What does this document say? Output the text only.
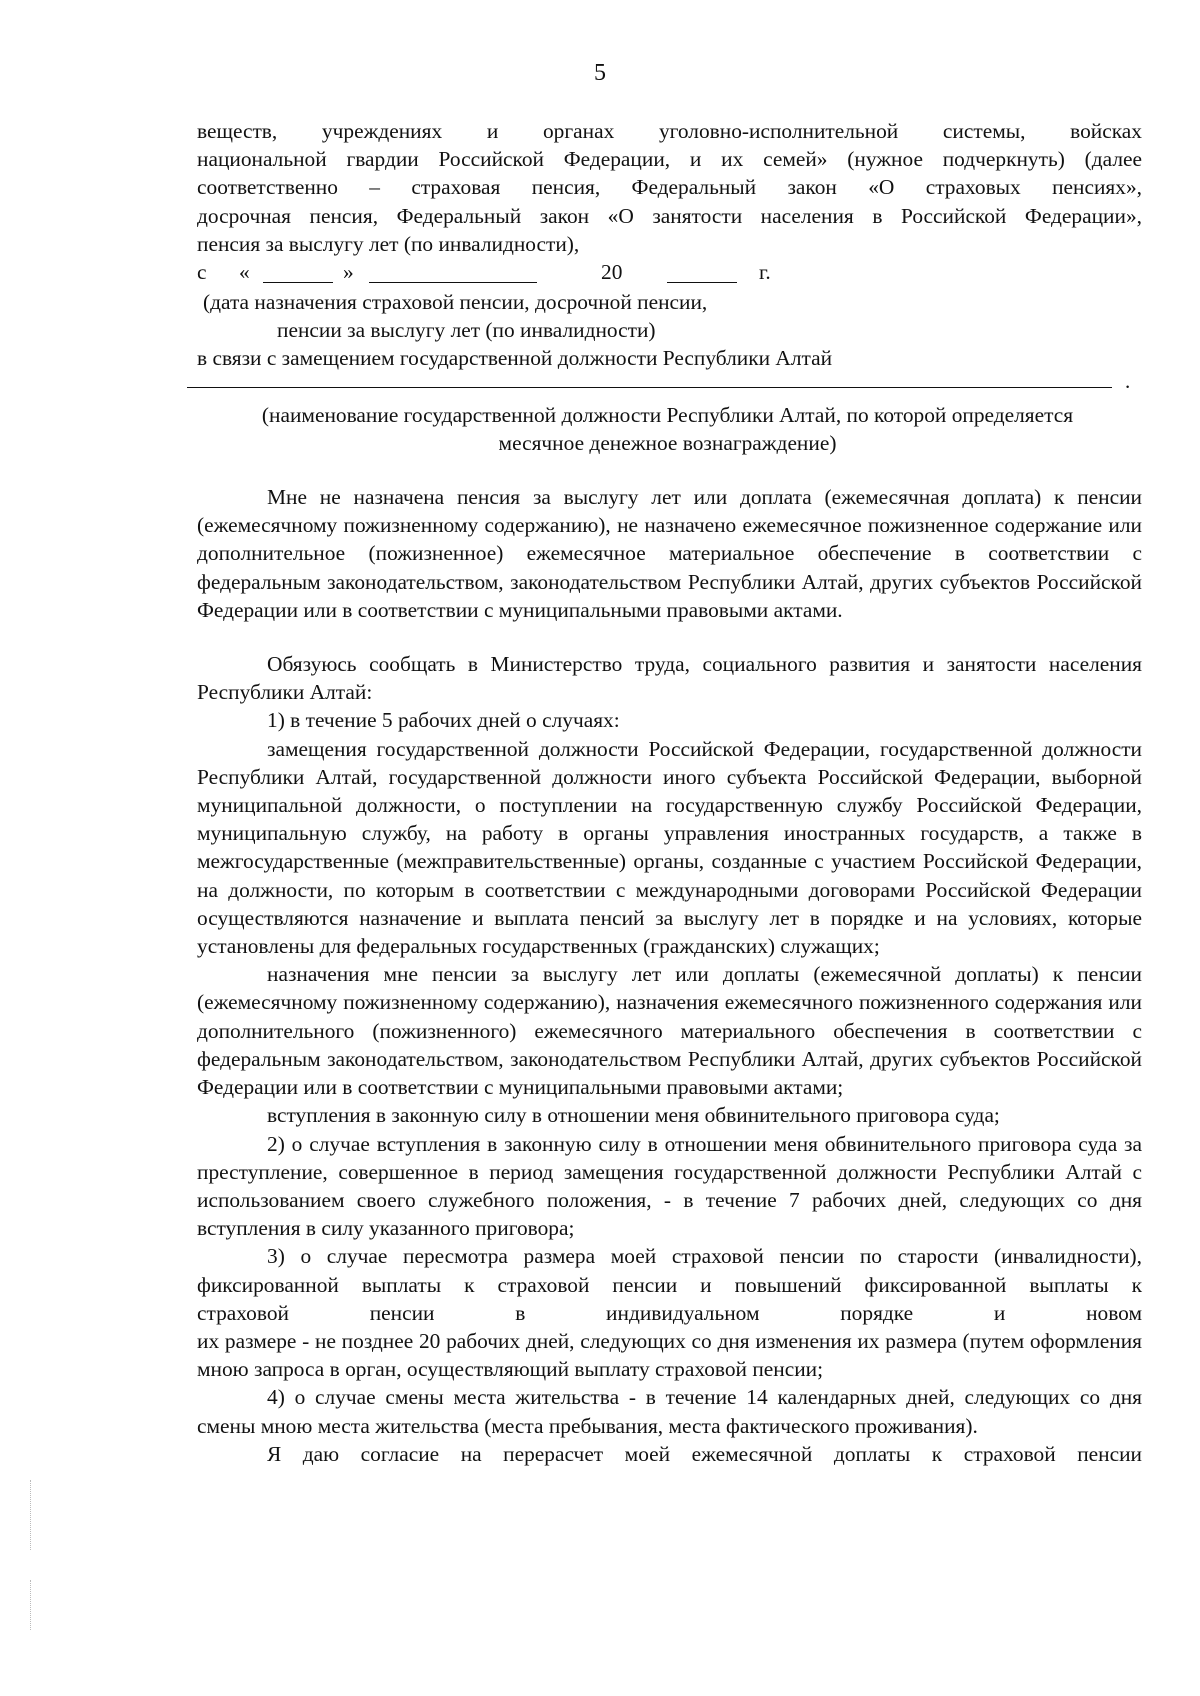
5

веществ, учреждениях и органах уголовно-исполнительной системы, войсках

национальной гвардии Российской Федерации, и их семей» (нужное подчеркнуть) (далее

соответственно – страховая пенсия, Федеральный закон «О страховых пенсиях»,

досрочная пенсия, Федеральный закон «О занятости населения в Российской Федерации»,

пенсия за выслугу лет (по инвалидности),

с «	»	20	г.

(дата назначения страховой пенсии, досрочной пенсии,

пенсии за выслугу лет (по инвалидности)

в связи с замещением государственной должности Республики Алтай

.

(наименование государственной должности Республики Алтай, по которой определяется

месячное денежное вознаграждение)

Мне не назначена пенсия за выслугу лет или доплата (ежемесячная доплата) к пенсии (ежемесячному пожизненному содержанию), не назначено ежемесячное пожизненное содержание или дополнительное (пожизненное) ежемесячное материальное обеспечение в соответствии с федеральным законодательством, законодательством Республики Алтай, других субъектов Российской Федерации или в соответствии с муниципальными правовыми актами.

Обязуюсь сообщать в Министерство труда, социального развития и занятости населения Республики Алтай:

1) в течение 5 рабочих дней о случаях:

замещения государственной должности Российской Федерации, государственной должности Республики Алтай, государственной должности иного субъекта Российской Федерации, выборной муниципальной должности, о поступлении на государственную службу Российской Федерации, муниципальную службу, на работу в органы управления иностранных государств, а также в межгосударственные (межправительственные) органы, созданные с участием Российской Федерации, на должности, по которым в соответствии с международными договорами Российской Федерации осуществляются назначение и выплата пенсий за выслугу лет в порядке и на условиях, которые установлены для федеральных государственных (гражданских) служащих;

назначения мне пенсии за выслугу лет или доплаты (ежемесячной доплаты) к пенсии (ежемесячному пожизненному содержанию), назначения ежемесячного пожизненного содержания или дополнительного (пожизненного) ежемесячного материального обеспечения в соответствии с федеральным законодательством, законодательством Республики Алтай, других субъектов Российской Федерации или в соответствии с муниципальными правовыми актами;

вступления в законную силу в отношении меня обвинительного приговора суда;

2) о случае вступления в законную силу в отношении меня обвинительного приговора суда за преступление, совершенное в период замещения государственной должности Республики Алтай с использованием своего служебного положения, - в течение 7 рабочих дней, следующих со дня вступления в силу указанного приговора;

3) о случае пересмотра размера моей страховой пенсии по старости (инвалидности),

фиксированной выплаты к страховой пенсии и повышений фиксированной выплаты к

страховой пенсии в индивидуальном порядке и новом

их размере - не позднее 20 рабочих дней, следующих со дня изменения их размера (путем оформления мною запроса в орган, осуществляющий выплату страховой пенсии;

4) о случае смены места жительства - в течение 14 календарных дней, следующих со дня смены мною места жительства (места пребывания, места фактического проживания).

Я даю согласие на перерасчет моей ежемесячной доплаты к страховой пенсии
